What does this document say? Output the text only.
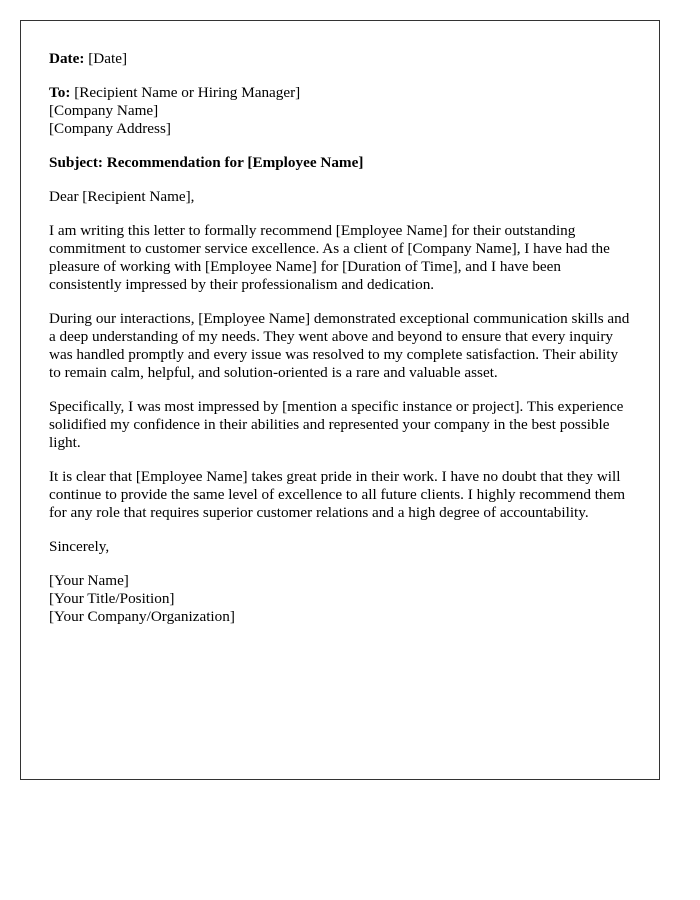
Date: [Date]

To: [Recipient Name or Hiring Manager]
[Company Name]
[Company Address]

Subject: Recommendation for [Employee Name]

Dear [Recipient Name],

I am writing this letter to formally recommend [Employee Name] for their outstanding commitment to customer service excellence. As a client of [Company Name], I have had the pleasure of working with [Employee Name] for [Duration of Time], and I have been consistently impressed by their professionalism and dedication.

During our interactions, [Employee Name] demonstrated exceptional communication skills and a deep understanding of my needs. They went above and beyond to ensure that every inquiry was handled promptly and every issue was resolved to my complete satisfaction. Their ability to remain calm, helpful, and solution-oriented is a rare and valuable asset.

Specifically, I was most impressed by [mention a specific instance or project]. This experience solidified my confidence in their abilities and represented your company in the best possible light.

It is clear that [Employee Name] takes great pride in their work. I have no doubt that they will continue to provide the same level of excellence to all future clients. I highly recommend them for any role that requires superior customer relations and a high degree of accountability.

Sincerely,

[Your Name]
[Your Title/Position]
[Your Company/Organization]
